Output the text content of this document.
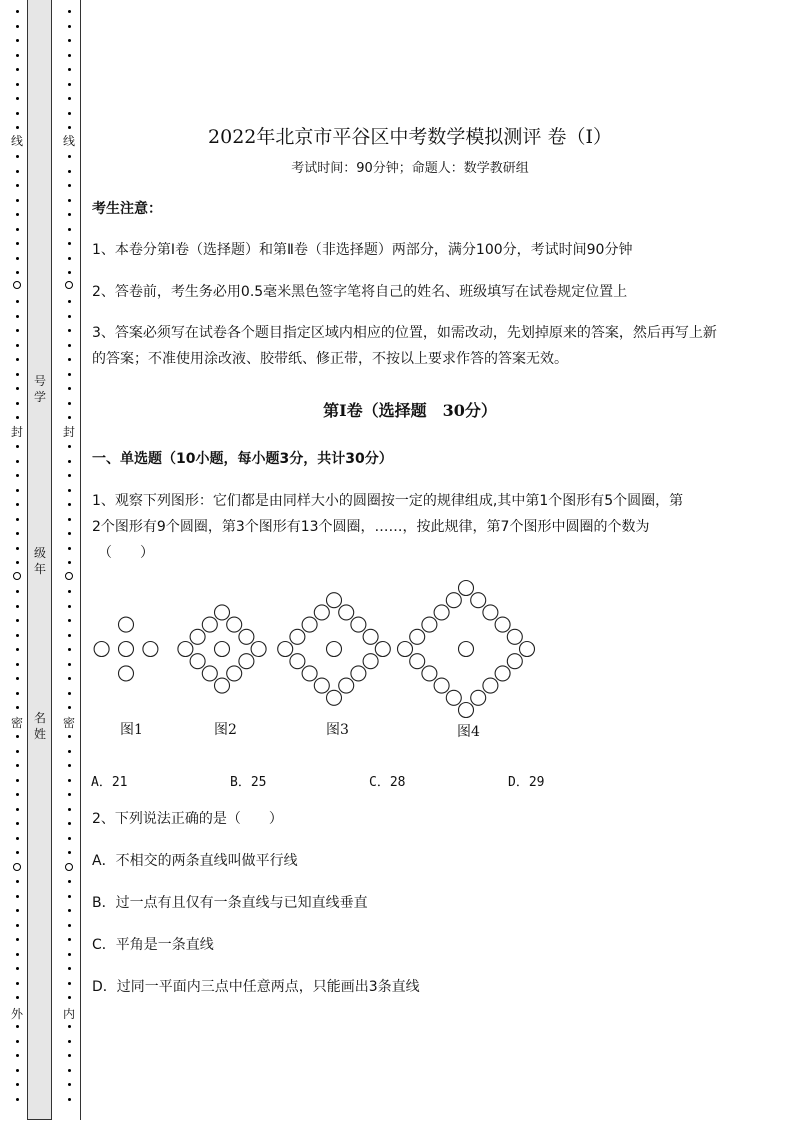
线
封
密
外
线
封
密
内
号学
级年
名姓
2022年北京市平谷区中考数学模拟测评 卷（Ⅰ）
考试时间：90分钟；命题人：数学教研组
考生注意：
1、本卷分第Ⅰ卷（选择题）和第Ⅱ卷（非选择题）两部分，满分100分，考试时间90分钟
2、答卷前，考生务必用0.5毫米黑色签字笔将自己的姓名、班级填写在试卷规定位置上
3、答案必须写在试卷各个题目指定区域内相应的位置，如需改动，先划掉原来的答案，然后再写上新
的答案；不准使用涂改液、胶带纸、修正带，不按以上要求作答的答案无效。
第Ⅰ卷（选择题　30分）
一、单选题（10小题，每小题3分，共计30分）
1、观察下列图形：它们都是由同样大小的圆圈按一定的规律组成,其中第1个图形有5个圆圈，第
2个图形有9个圆圈，第3个图形有13个圆圈，……，按此规律，第7个图形中圆圈的个数为
（　　）
图1	图2	图3	图4
A．21	B．25	C．28	D．29
2、下列说法正确的是（　　）
A．不相交的两条直线叫做平行线
B．过一点有且仅有一条直线与已知直线垂直
C．平角是一条直线
D．过同一平面内三点中任意两点，只能画出3条直线
